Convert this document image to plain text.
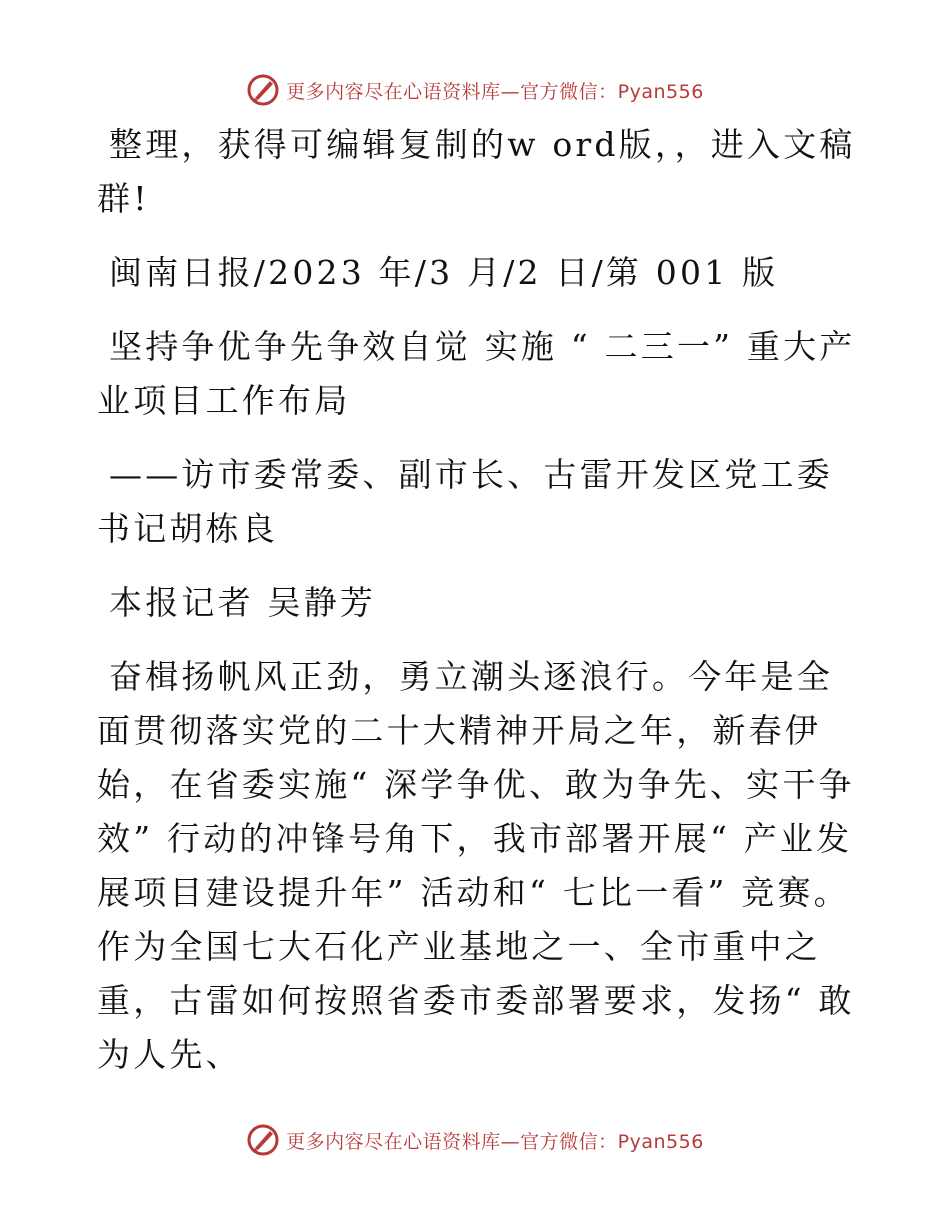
更多内容尽在心语资料库—官方微信：Pyan556

整理，获得可编辑复制的w ord版，，进入文稿群!

闽南日报/2023 年/3 月/2 日/第 001 版

坚持争优争先争效自觉 实施 “ 二三一” 重大产业项目工作布局

——访市委常委、副市长、古雷开发区党工委书记胡栋良

本报记者 吴静芳

奋楫扬帆风正劲，勇立潮头逐浪行。今年是全面贯彻落实党的二十大精神开局之年，新春伊始，在省委实施“ 深学争优、敢为争先、实干争效” 行动的冲锋号角下，我市部署开展“ 产业发展项目建设提升年” 活动和“ 七比一看” 竞赛。作为全国七大石化产业基地之一、全市重中之重，古雷如何按照省委市委部署要求，发扬“ 敢为人先、

更多内容尽在心语资料库—官方微信：Pyan556
